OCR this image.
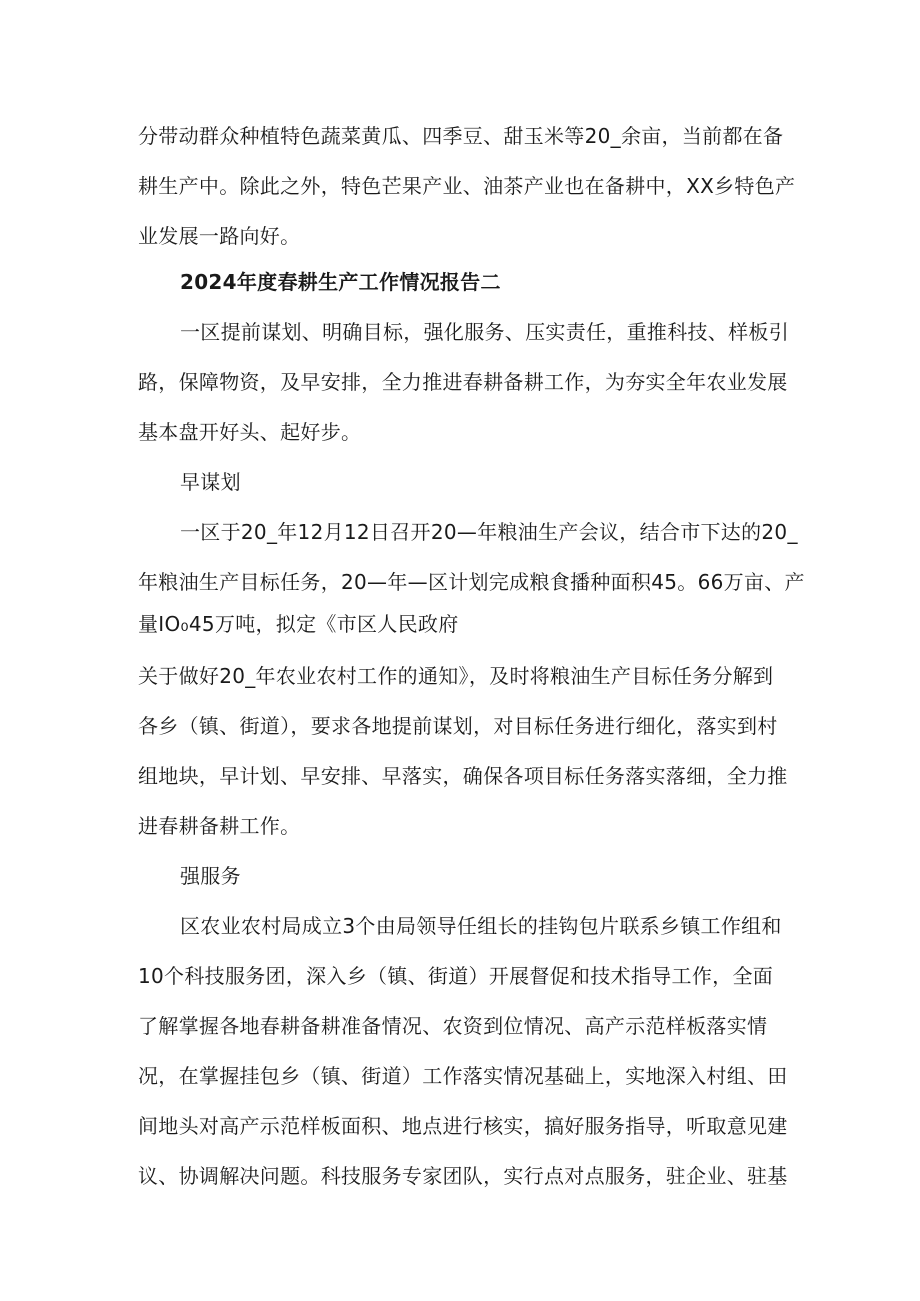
分带动群众种植特色蔬菜黄瓜、四季豆、甜玉米等20_余亩，当前都在备
耕生产中。除此之外，特色芒果产业、油茶产业也在备耕中，XX乡特色产
业发展一路向好。
2024年度春耕生产工作情况报告二
一区提前谋划、明确目标，强化服务、压实责任，重推科技、样板引
路，保障物资，及早安排，全力推进春耕备耕工作，为夯实全年农业发展
基本盘开好头、起好步。
早谋划
一区于20_年12月12日召开20—年粮油生产会议，结合市下达的20_
年粮油生产目标任务，20—年—区计划完成粮食播种面积45。66万亩、产
量IO₀45万吨，拟定《市区人民政府
关于做好20_年农业农村工作的通知》，及时将粮油生产目标任务分解到
各乡（镇、街道），要求各地提前谋划，对目标任务进行细化，落实到村
组地块，早计划、早安排、早落实，确保各项目标任务落实落细，全力推
进春耕备耕工作。
强服务
区农业农村局成立3个由局领导任组长的挂钩包片联系乡镇工作组和
10个科技服务团，深入乡（镇、街道）开展督促和技术指导工作，全面
了解掌握各地春耕备耕准备情况、农资到位情况、高产示范样板落实情
况，在掌握挂包乡（镇、街道）工作落实情况基础上，实地深入村组、田
间地头对高产示范样板面积、地点进行核实，搞好服务指导，听取意见建
议、协调解决问题。科技服务专家团队，实行点对点服务，驻企业、驻基
